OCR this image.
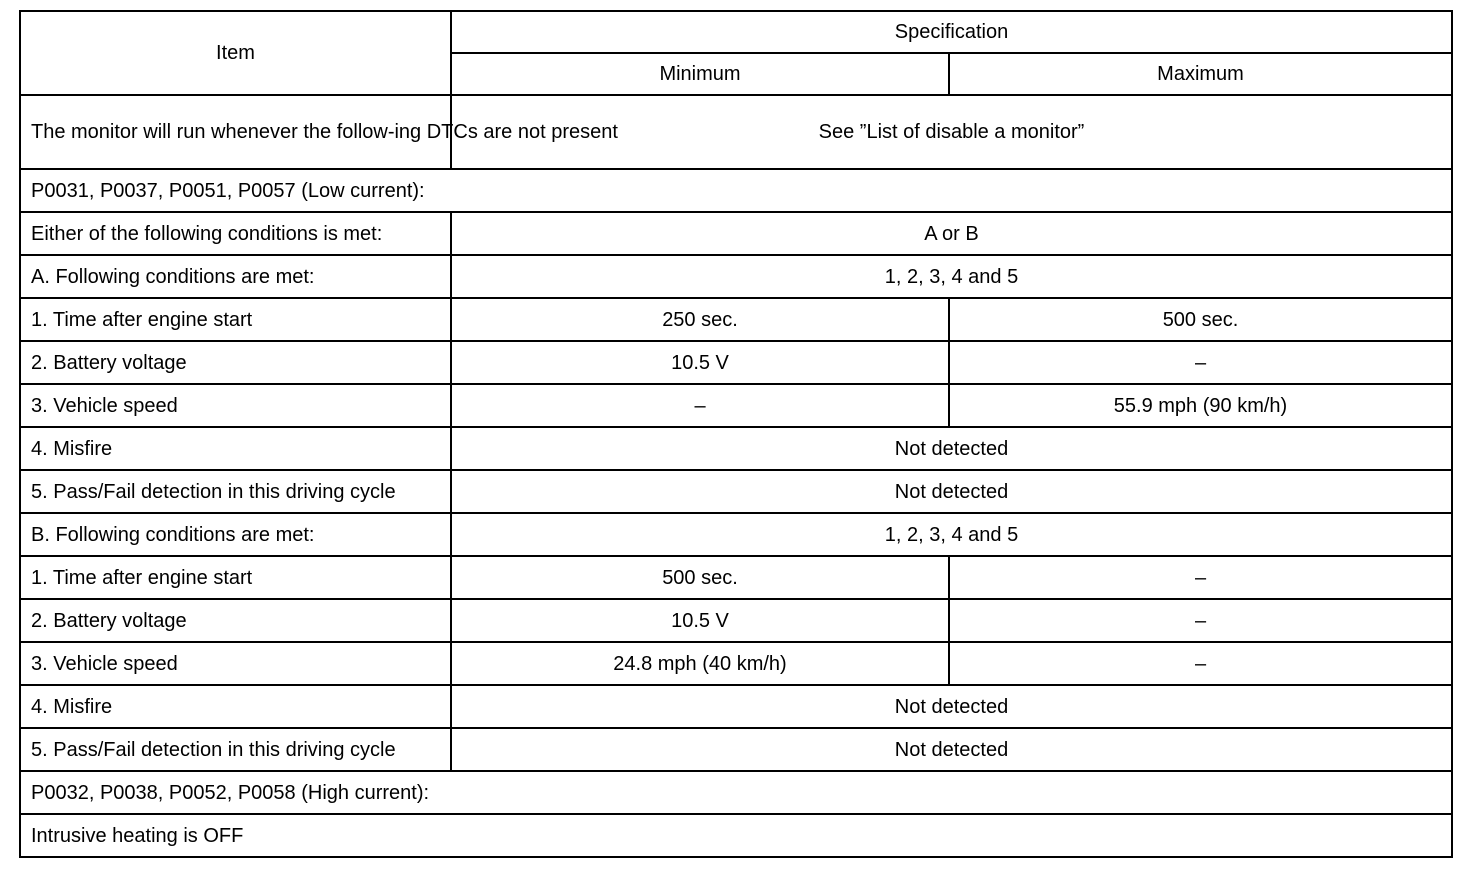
Item	Specification	
	Minimum	Maximum
The monitor will run whenever the follow-ing DTCs are not present	See ”List of disable a monitor”	
P0031, P0037, P0051, P0057 (Low current):		
Either of the following conditions is met:	A or B	
A. Following conditions are met:	1, 2, 3, 4 and 5	
1. Time after engine start	250 sec.	500 sec.
2. Battery voltage	10.5 V	–
3. Vehicle speed	–	55.9 mph (90 km/h)
4. Misfire	Not detected	
5. Pass/Fail detection in this driving cycle	Not detected	
B. Following conditions are met:	1, 2, 3, 4 and 5	
1. Time after engine start	500 sec.	–
2. Battery voltage	10.5 V	–
3. Vehicle speed	24.8 mph (40 km/h)	–
4. Misfire	Not detected	
5. Pass/Fail detection in this driving cycle	Not detected	
P0032, P0038, P0052, P0058 (High current):		
Intrusive heating is OFF		
